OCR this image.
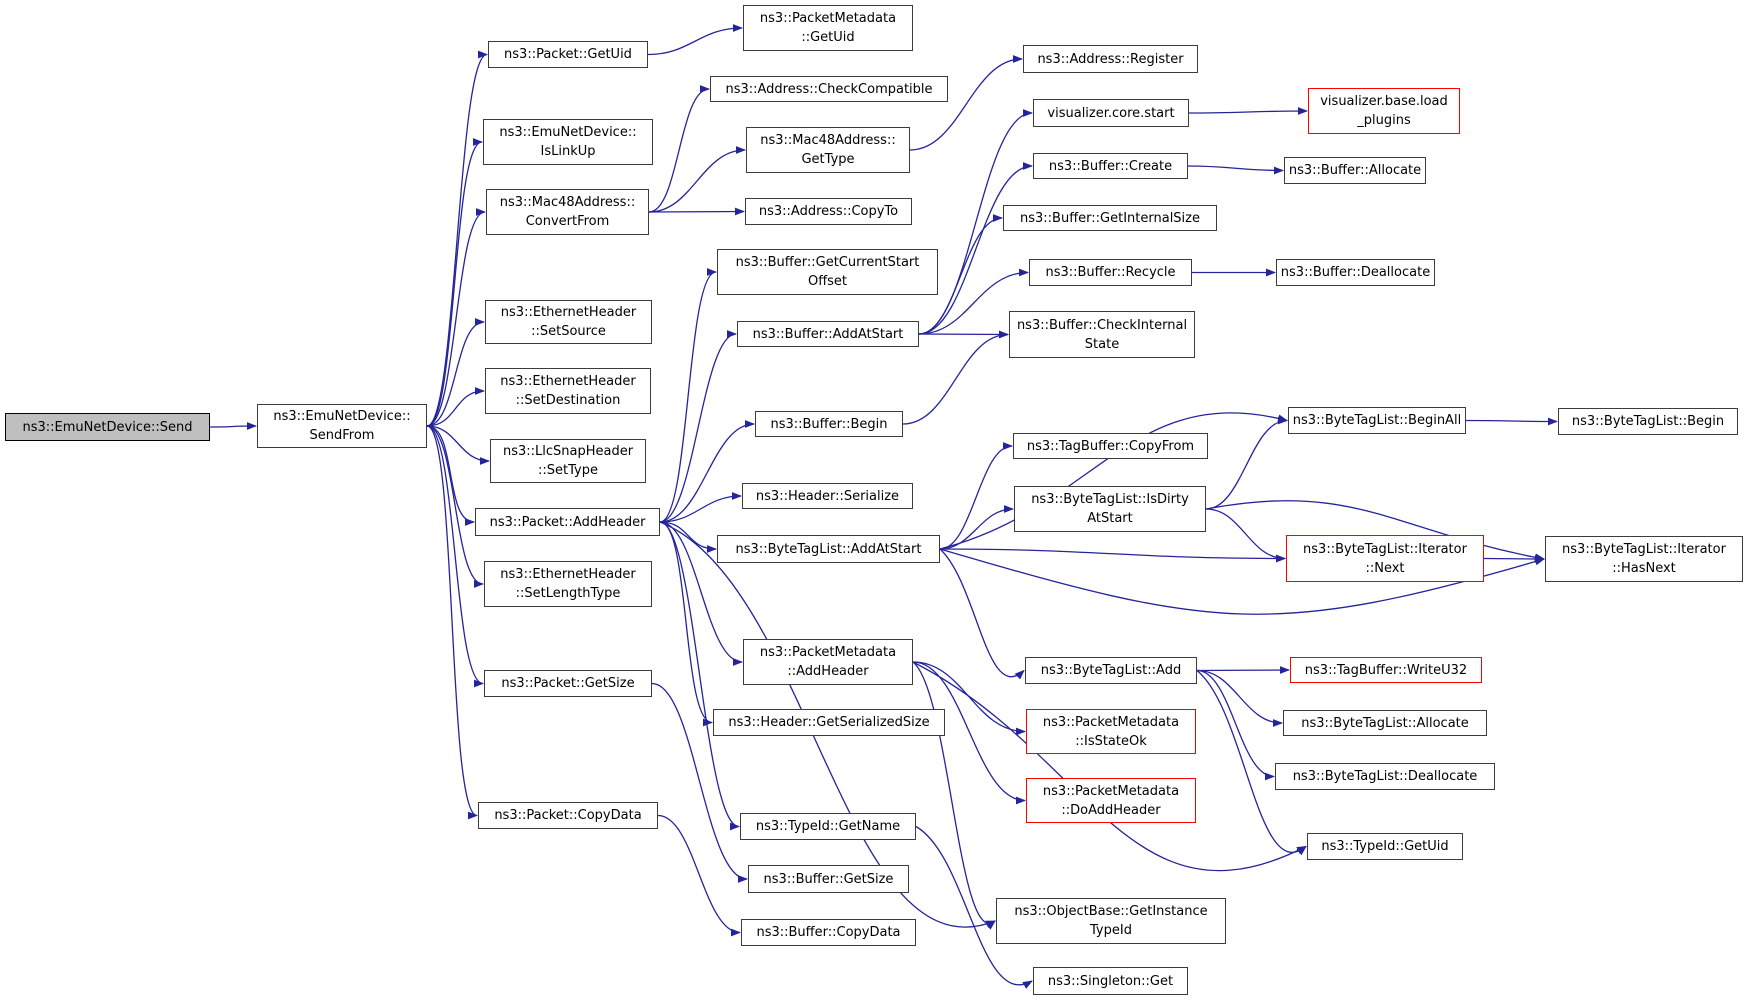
ns3::EmuNetDevice::Send
ns3::EmuNetDevice::
SendFrom
ns3::Packet::GetUid
ns3::PacketMetadata
::GetUid
ns3::EmuNetDevice::
IsLinkUp
ns3::Address::CheckCompatible
ns3::Mac48Address::
GetType
ns3::Mac48Address::
ConvertFrom
ns3::Address::CopyTo
ns3::Address::Register
visualizer.core.start
visualizer.base.load
_plugins
ns3::Buffer::Create	ns3::Buffer::Allocate
ns3::Buffer::GetInternalSize
ns3::Buffer::Recycle	ns3::Buffer::Deallocate
ns3::Buffer::GetCurrentStart
Offset
ns3::Buffer::AddAtStart
ns3::Buffer::CheckInternal
State
ns3::Buffer::Begin
ns3::EthernetHeader
::SetSource
ns3::EthernetHeader
::SetDestination
ns3::LlcSnapHeader
::SetType
ns3::Packet::AddHeader
ns3::EthernetHeader
::SetLengthType
ns3::Packet::GetSize
ns3::Packet::CopyData
ns3::Header::Serialize
ns3::ByteTagList::AddAtStart
ns3::TagBuffer::CopyFrom
ns3::ByteTagList::IsDirty
AtStart
ns3::ByteTagList::BeginAll	ns3::ByteTagList::Begin
ns3::ByteTagList::Iterator
::Next
ns3::ByteTagList::Iterator
::HasNext
ns3::ByteTagList::Add	ns3::TagBuffer::WriteU32
ns3::ByteTagList::Allocate
ns3::ByteTagList::Deallocate
ns3::PacketMetadata
::AddHeader
ns3::Header::GetSerializedSize
ns3::TypeId::GetName
ns3::Buffer::GetSize
ns3::Buffer::CopyData
ns3::PacketMetadata
::IsStateOk
ns3::PacketMetadata
::DoAddHeader
ns3::ObjectBase::GetInstance
TypeId
ns3::Singleton::Get
ns3::TypeId::GetUid
